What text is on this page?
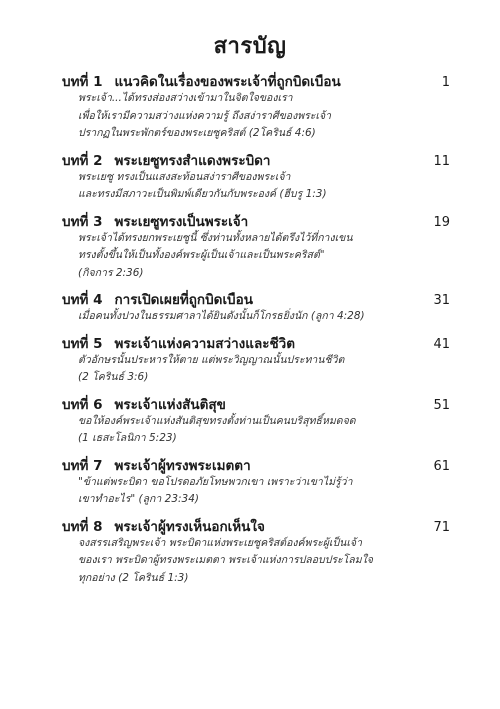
สารบัญ
บทที่ 1 แนวคิดในเรื่องของพระเจ้าที่ถูกบิดเบือน	1
พระเจ้า...ได้ทรงส่องสว่างเข้ามาในจิตใจของเรา
เพื่อให้เรามีความสว่างแห่งความรู้ ถึงสง่าราศีของพระเจ้า
ปรากฏในพระพักตร์ของพระเยซูคริสต์ (2โครินธ์ 4:6)
บทที่ 2 พระเยซูทรงสำแดงพระบิดา	11
พระเยซู ทรงเป็นแสงสะท้อนสง่าราศีของพระเจ้า
และทรงมีสภาวะเป็นพิมพ์เดียวกันกับพระองค์ (ฮีบรู 1:3)
บทที่ 3 พระเยซูทรงเป็นพระเจ้า	19
พระเจ้าได้ทรงยกพระเยซูนี้ ซึ่งท่านทั้งหลายได้ตรึงไว้ที่กางเขน
ทรงตั้งขึ้นให้เป็นทั้งองค์พระผู้เป็นเจ้าและเป็นพระคริสต์"
(กิจการ 2:36)
บทที่ 4 การเปิดเผยที่ถูกบิดเบือน	31
เมื่อคนทั้งปวงในธรรมศาลาได้ยินดังนั้นก็โกรธยิ่งนัก (ลูกา 4:28)
บทที่ 5 พระเจ้าแห่งความสว่างและชีวิต	41
ตัวอักษรนั้นประหารให้ตาย แต่พระวิญญาณนั้นประทานชีวิต
(2 โครินธ์ 3:6)
บทที่ 6 พระเจ้าแห่งสันติสุข	51
ขอให้องค์พระเจ้าแห่งสันติสุขทรงตั้งท่านเป็นคนบริสุทธิ์หมดจด
(1 เธสะโลนิกา 5:23)
บทที่ 7 พระเจ้าผู้ทรงพระเมตตา	61
"ข้าแต่พระบิดา ขอโปรดอภัยโทษพวกเขา เพราะว่าเขาไม่รู้ว่า
เขาทำอะไร" (ลูกา 23:34)
บทที่ 8 พระเจ้าผู้ทรงเห็นอกเห็นใจ	71
จงสรรเสริญพระเจ้า พระบิดาแห่งพระเยซูคริสต์องค์พระผู้เป็นเจ้า
ของเรา พระบิดาผู้ทรงพระเมตตา พระเจ้าแห่งการปลอบประโลมใจ
ทุกอย่าง (2 โครินธ์ 1:3)
